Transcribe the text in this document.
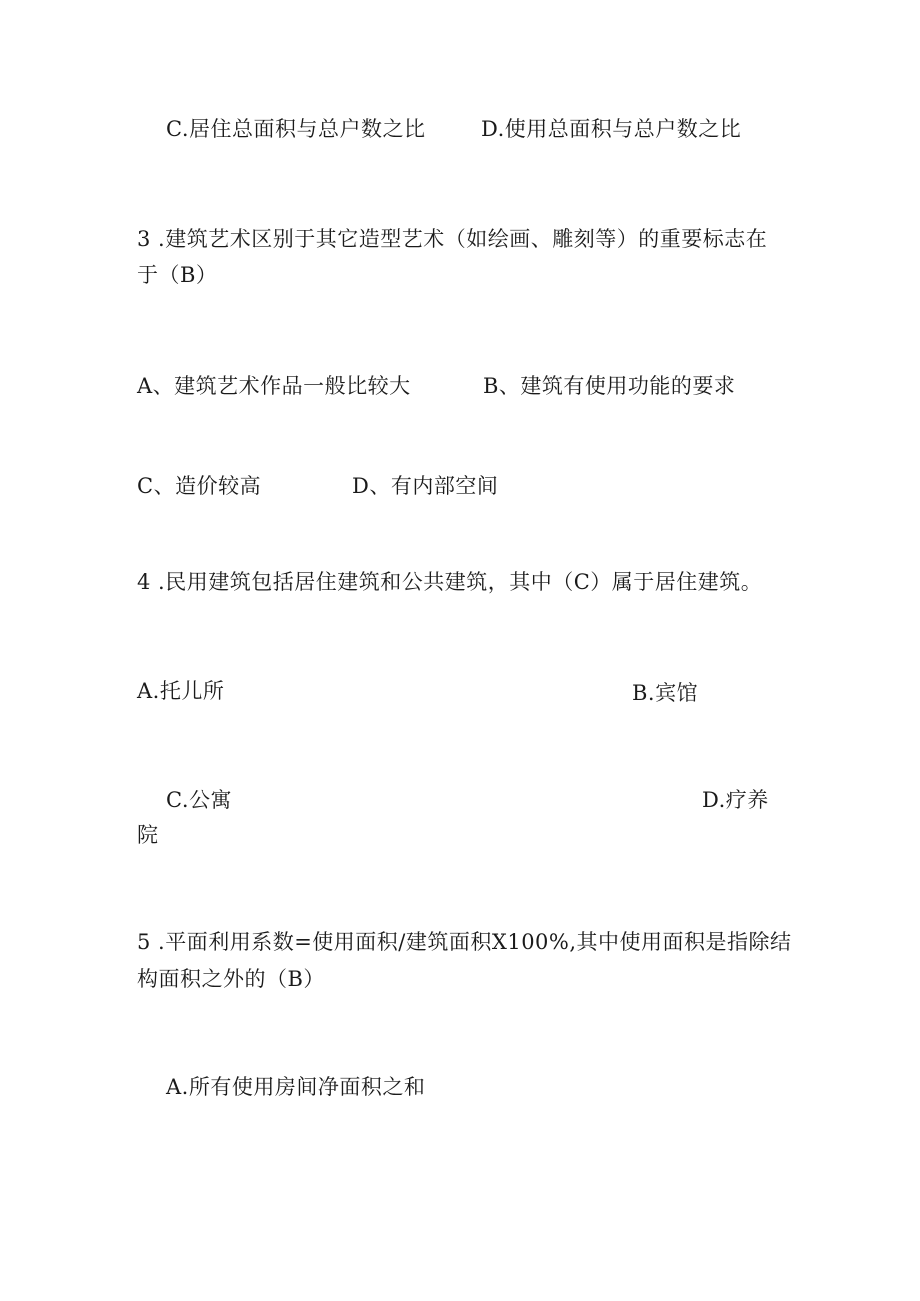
C.居住总面积与总户数之比	D.使用总面积与总户数之比
3 .建筑艺术区别于其它造型艺术（如绘画、雕刻等）的重要标志在
于（B）
A、建筑艺术作品一般比较大	B、建筑有使用功能的要求
C、造价较高	D、有内部空间
4 .民用建筑包括居住建筑和公共建筑，其中（C）属于居住建筑。
A.托儿所	B.宾馆
C.公寓	D.疗养
院
5 .平面利用系数=使用面积/建筑面积X100%,其中使用面积是指除结
构面积之外的（B）
A.所有使用房间净面积之和
